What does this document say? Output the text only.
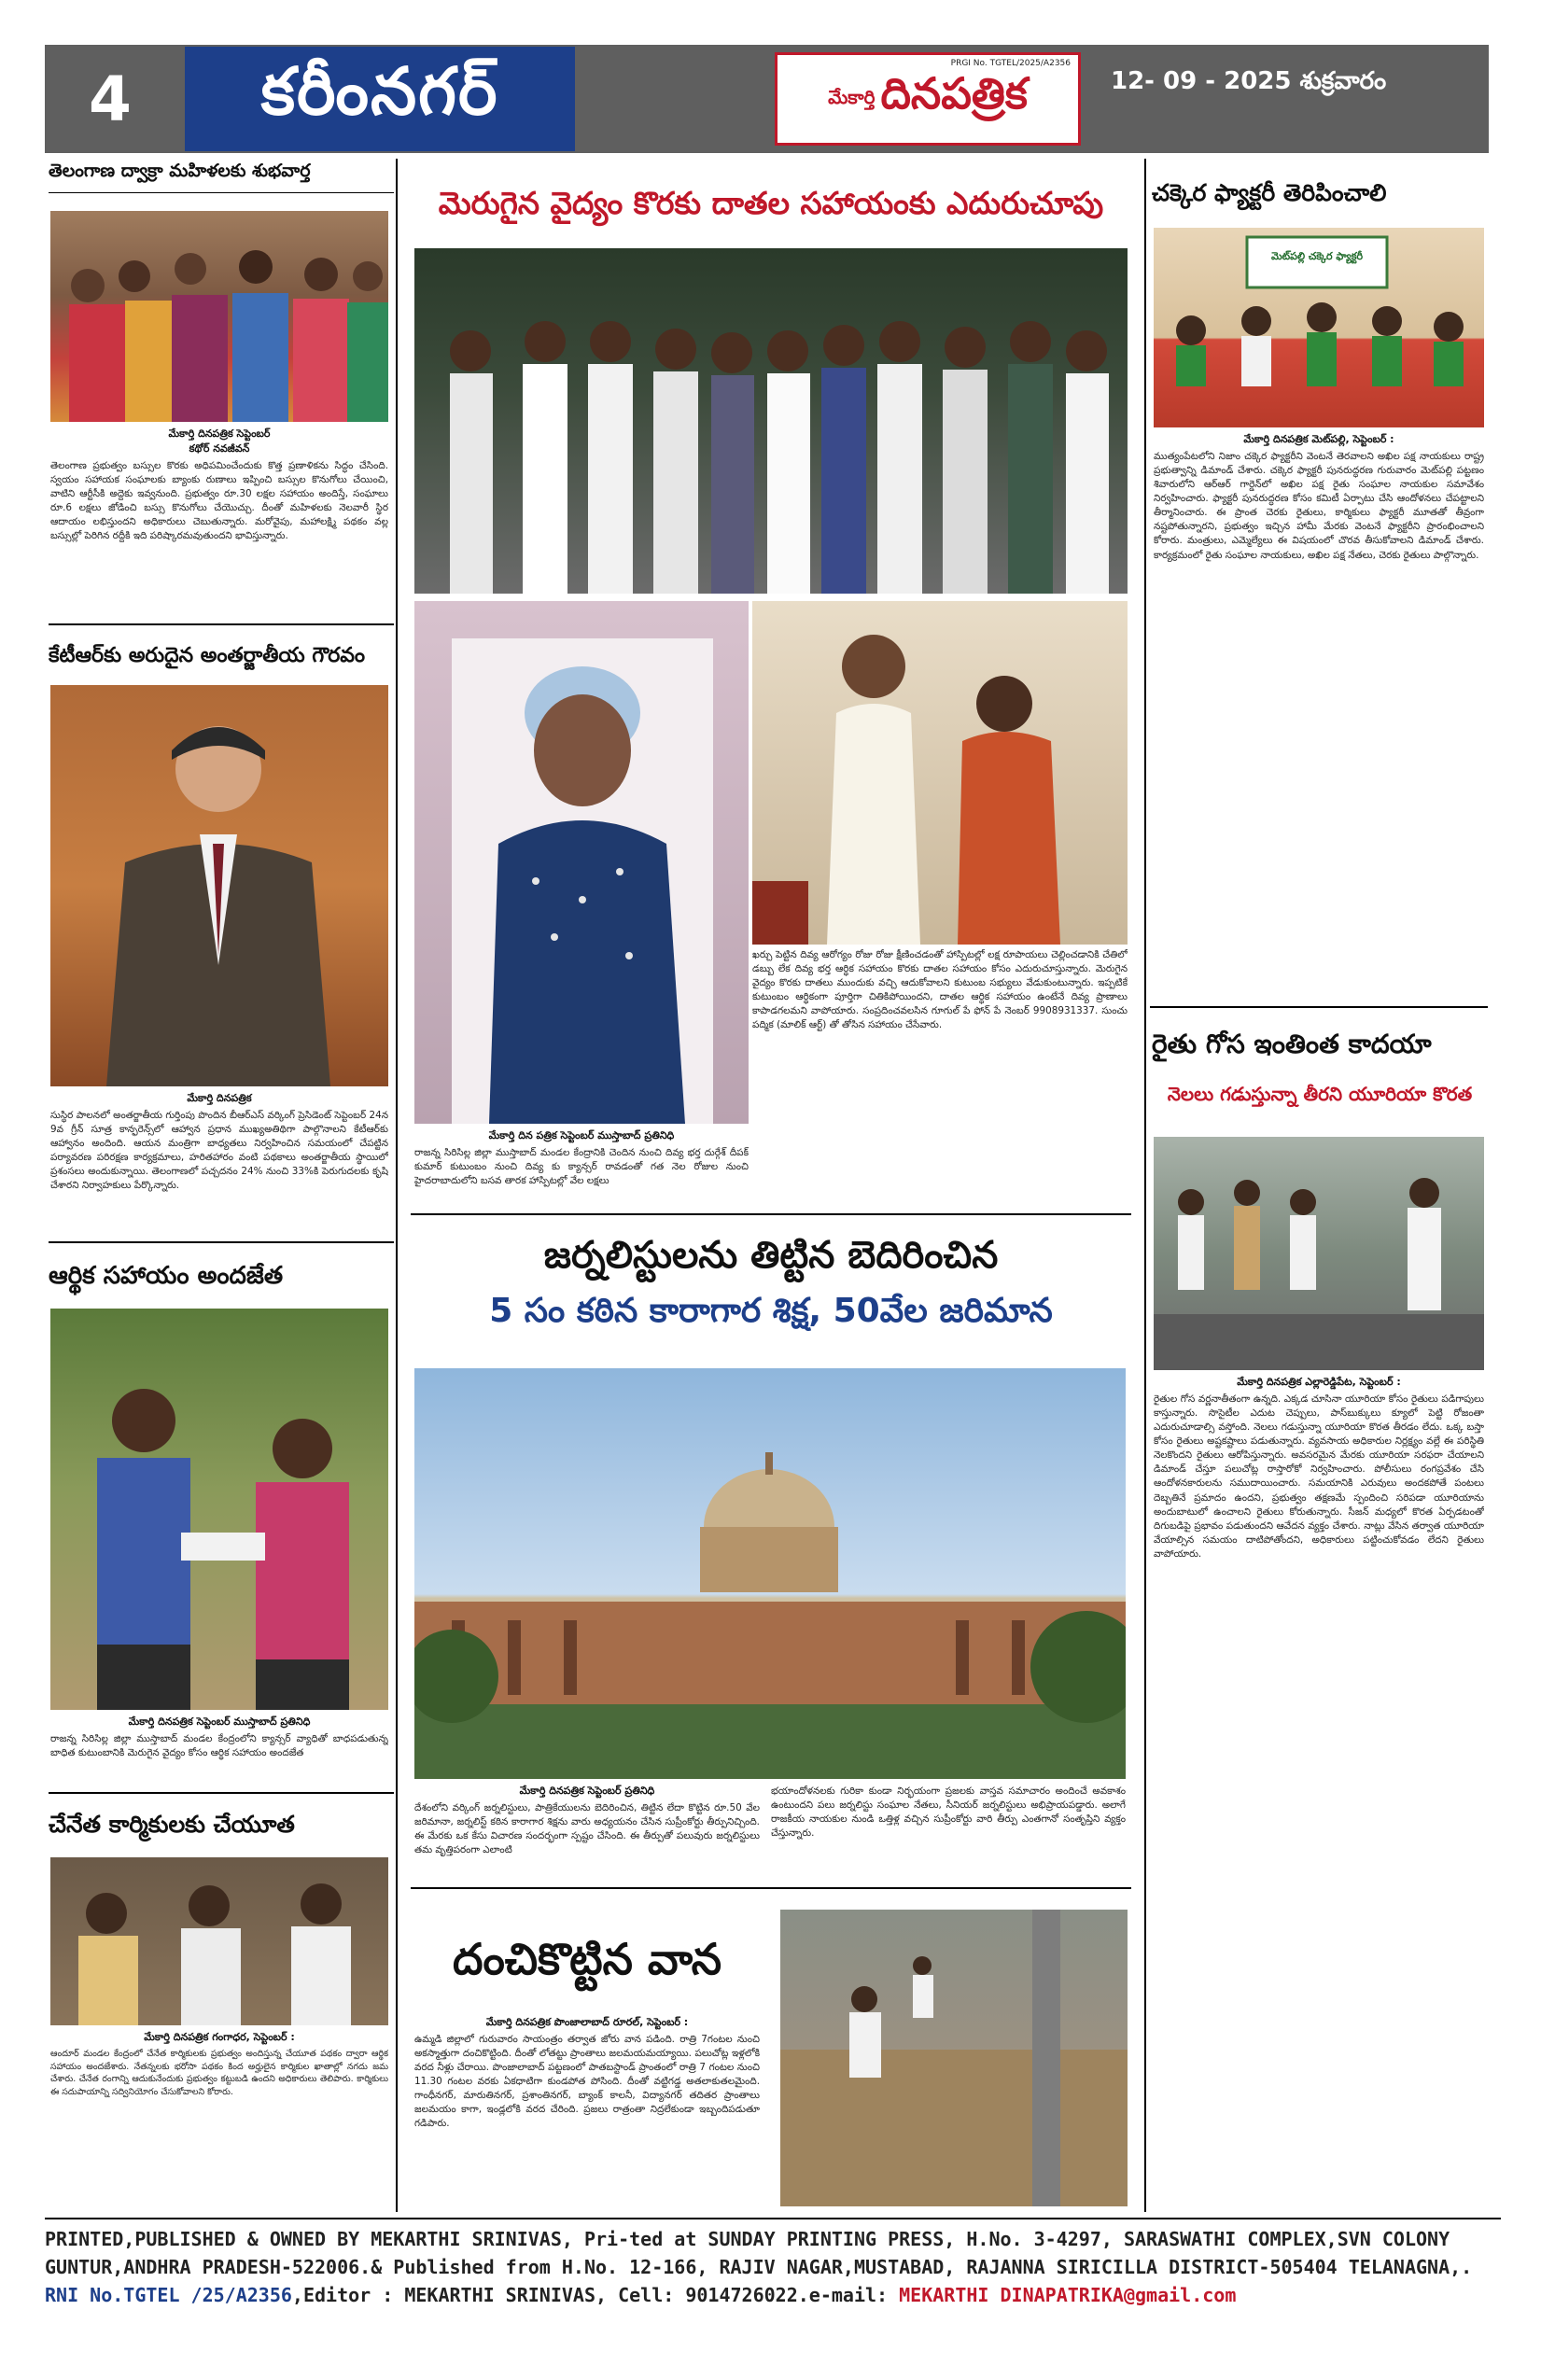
4	కరీంనగర్	మేకార్తి దినపత్రిక
PRGI No. TGTEL/2025/A2356
12- 09 - 2025 శుక్రవారం
తెలంగాణ ద్వాక్రా మహిళలకు శుభవార్త
మేకార్తి దినపత్రిక సెప్టెంబర్
కథోర్ నవజీవన్
తెలంగాణ ప్రభుత్వం బస్సుల కొరకు అధిపమించేందుకు కొత్త ప్రణాళికను సిద్ధం చేసింది. స్వయం సహాయక సంఘాలకు బ్యాంకు రుణాలు ఇప్పించి బస్సుల కొనుగోలు చేయించి, వాటిని ఆర్టీసీకి అద్దెకు ఇవ్వనుంది. ప్రభుత్వం రూ.30 లక్షల సహాయం అందిస్తే, సంఘాలు రూ.6 లక్షలు జోడించి బస్సు కొనుగోలు చేయొచ్చు. దీంతో మహిళలకు నెలవారీ స్థిర ఆదాయం లభిస్తుందని అధికారులు చెబుతున్నారు. మరోవైపు, మహాలక్ష్మి పథకం వల్ల బస్సుల్లో పెరిగిన రద్దీకి ఇది పరిష్కారమవుతుందని భావిస్తున్నారు.
కేటీఆర్‌కు అరుదైన అంతర్జాతీయ గౌరవం
మేకార్తి దినపత్రిక
సుస్థిర పాలనలో అంతర్జాతీయ గుర్తింపు పొందిన బీఆర్ఎస్ వర్కింగ్ ప్రెసిడెంట్ సెప్టెంబర్ 24న 9వ గ్రీన్ సూత్ర కాన్ఫరెన్స్‌లో ఆహ్వాన ప్రధాన ముఖ్యఅతిథిగా పాల్గొనాలని కేటీఆర్‌కు ఆహ్వానం అందింది. ఆయన మంత్రిగా బాధ్యతలు నిర్వహించిన సమయంలో చేపట్టిన పర్యావరణ పరిరక్షణ కార్యక్రమాలు, హరితహారం వంటి పథకాలు అంతర్జాతీయ స్థాయిలో ప్రశంసలు అందుకున్నాయి. తెలంగాణలో పచ్చదనం 24% నుంచి 33%కి పెరుగుదలకు కృషి చేశారని నిర్వాహకులు పేర్కొన్నారు.
ఆర్థిక సహాయం అందజేత
మేకార్తి దినపత్రిక సెప్టెంబర్ ముస్తాబాద్ ప్రతినిధి
రాజన్న సిరిసిల్ల జిల్లా ముస్తాబాద్ మండల కేంద్రంలోని క్యాన్సర్ వ్యాధితో బాధపడుతున్న బాధిత కుటుంబానికి మెరుగైన వైద్యం కోసం ఆర్థిక సహాయం అందజేత
చేనేత కార్మికులకు చేయూత
మేకార్తి దినపత్రిక గంగాధర, సెప్టెంబర్ :
ఆందూర్ మండల కేంద్రంలో చేనేత కార్మికులకు ప్రభుత్వం అందిస్తున్న చేయూత పథకం ద్వారా ఆర్థిక సహాయం అందజేశారు. నేతన్నలకు భరోసా పథకం కింద అర్హులైన కార్మికుల ఖాతాల్లో నగదు జమ చేశారు. చేనేత రంగాన్ని ఆదుకునేందుకు ప్రభుత్వం కట్టుబడి ఉందని అధికారులు తెలిపారు. కార్మికులు ఈ సదుపాయాన్ని సద్వినియోగం చేసుకోవాలని కోరారు.
మెరుగైన వైద్యం కొరకు దాతల సహాయంకు ఎదురుచూపు
ఖర్చు పెట్టిన దివ్య ఆరోగ్యం రోజు రోజు క్షీణించడంతో హాస్పిటల్లో లక్ష రూపాయలు చెల్లించడానికి చేతిలో డబ్బు లేక దివ్య భర్త ఆర్థిక సహాయం కొరకు దాతల సహాయం కోసం ఎదురుచూస్తున్నారు. మెరుగైన వైద్యం కొరకు దాతలు ముందుకు వచ్చి ఆదుకోవాలని కుటుంబ సభ్యులు వేడుకుంటున్నారు. ఇప్పటికే కుటుంబం ఆర్థికంగా పూర్తిగా చితికిపోయిందని, దాతల ఆర్థిక సహాయం ఉంటేనే దివ్య ప్రాణాలు కాపాడగలమని వాపోయారు. సంప్రదించవలసిన గూగుల్ పే ఫోన్ పే నెంబర్ 9908931337. సుంచు పద్మిక (మాలిక్ ఆర్ట్) తో తోసిన సహాయం చేసేవారు.
మేకార్తి దిన పత్రిక సెప్టెంబర్ ముస్తాబాద్ ప్రతినిధి
రాజన్న సిరిసిల్ల జిల్లా ముస్తాబాద్ మండల కేంద్రానికి చెందిన నుంచి దివ్య భర్త దుర్గేశ్ దీపక్ కుమార్ కుటుంబం నుంచి దివ్య కు క్యాన్సర్ రావడంతో గత నెల రోజుల నుంచి హైదరాబాదులోని బసవ తారక హాస్పిటల్లో వేల లక్షలు
జర్నలిస్టులను తిట్టిన బెదిరించిన
5 సం కఠిన కారాగార శిక్ష, 50వేల జరిమాన
మేకార్తి దినపత్రిక సెప్టెంబర్ ప్రతినిధి
దేశంలోని వర్కింగ్ జర్నలిస్టులు, పాత్రికేయులను బెదిరించిన, తిట్టిన లేదా కొట్టిన రూ.50 వేల జరిమానా, జర్నలిస్ట్ కఠిన కారాగార శిక్షను వారు అధ్యయనం చేసిన సుప్రీంకోర్టు తీర్పునిచ్చింది. ఈ మేరకు ఒక కేసు విచారణ సందర్భంగా స్పష్టం చేసింది. ఈ తీర్పుతో పలువురు జర్నలిస్టులు తమ వృత్తిపరంగా ఎలాంటి
భయాందోళనలకు గురికా కుండా నిర్భయంగా ప్రజలకు వాస్తవ సమాచారం అందించే అవకాశం ఉంటుందని పలు జర్నలిస్టు సంఘాల నేతలు, సీనియర్ జర్నలిస్టులు అభిప్రాయపడ్డారు. అలాగే రాజకీయ నాయకుల నుండి ఒత్తిళ్ల వచ్చిన సుప్రీంకోర్టు వారి తీర్పు ఎంతగానో సంతృప్తిని వ్యక్తం చేస్తున్నారు.
దంచికొట్టిన వాన
మేకార్తి దినపత్రిక పొంజాలాబాద్ రూరల్, సెప్టెంబర్ :
ఉమ్మడి జిల్లాలో గురువారం సాయంత్రం తర్వాత జోరు వాన పడింది. రాత్రి 7గంటల నుంచి అకస్మాత్తుగా దంచికొట్టింది. దీంతో లోతట్టు ప్రాంతాలు జలమయమయ్యాయి. పలుచోట్ల ఇళ్లలోకి వరద నీళ్లు చేరాయి. పొంజాలాబాద్ పట్టణంలో పాతబస్టాండ్ ప్రాంతంలో రాత్రి 7 గంటల నుంచి 11.30 గంటల వరకు ఏకధాటిగా కుండపోత పోసింది. దీంతో వట్టిగడ్డ అతలాకుతలమైంది. గాంధీనగర్, మారుతినగర్, ప్రశాంతినగర్, బ్యాంక్ కాలనీ, విద్యానగర్ తదితర ప్రాంతాలు జలమయం కాగా, ఇండ్లలోకి వరద చేరింది. ప్రజలు రాత్రంతా నిద్రలేకుండా ఇబ్బందిపడుతూ గడిపారు.
చక్కెర ఫ్యాక్టరీ తెరిపించాలి
మెట్‌పల్లి చక్కెర ఫ్యాక్టరీ
మేకార్తి దినపత్రిక మెట్‌పల్లి, సెప్టెంబర్ :
ముత్యంపేటలోని నిజాం చక్కెర ఫ్యాక్టరీని వెంటనే తెరవాలని అఖిల పక్ష నాయకులు రాష్ట్ర ప్రభుత్వాన్ని డిమాండ్ చేశారు. చక్కెర ఫ్యాక్టరీ పునరుద్ధరణ గురువారం మెట్‌పల్లి పట్టణం శివారులోని ఆర్ఆర్ గార్డెన్‌లో అఖిల పక్ష రైతు సంఘాల నాయకుల సమావేశం నిర్వహించారు. ఫ్యాక్టరీ పునరుద్ధరణ కోసం కమిటీ ఏర్పాటు చేసి ఆందోళనలు చేపట్టాలని తీర్మానించారు. ఈ ప్రాంత చెరకు రైతులు, కార్మికులు ఫ్యాక్టరీ మూతతో తీవ్రంగా నష్టపోతున్నారని, ప్రభుత్వం ఇచ్చిన హామీ మేరకు వెంటనే ఫ్యాక్టరీని ప్రారంభించాలని కోరారు. మంత్రులు, ఎమ్మెల్యేలు ఈ విషయంలో చొరవ తీసుకోవాలని డిమాండ్ చేశారు. కార్యక్రమంలో రైతు సంఘాల నాయకులు, అఖిల పక్ష నేతలు, చెరకు రైతులు పాల్గొన్నారు.
రైతు గోస ఇంతింత కాదయా
నెలలు గడుస్తున్నా తీరని యూరియా కొరత
మేకార్తి దినపత్రిక ఎల్లారెడ్డిపేట, సెప్టెంబర్ :
రైతుల గోస వర్ణనాతీతంగా ఉన్నది. ఎక్కడ చూసినా యూరియా కోసం రైతులు పడిగాపులు కాస్తున్నారు. సొసైటీల ఎదుట చెప్పులు, పాస్‌బుక్కులు క్యూలో పెట్టి రోజంతా ఎదురుచూడాల్సి వస్తోంది. నెలలు గడుస్తున్నా యూరియా కొరత తీరడం లేదు. ఒక్క బస్తా కోసం రైతులు అష్టకష్టాలు పడుతున్నారు. వ్యవసాయ అధికారుల నిర్లక్ష్యం వల్లే ఈ పరిస్థితి నెలకొందని రైతులు ఆరోపిస్తున్నారు. అవసరమైన మేరకు యూరియా సరఫరా చేయాలని డిమాండ్ చేస్తూ పలుచోట్ల రాస్తారోకో నిర్వహించారు. పోలీసులు రంగప్రవేశం చేసి ఆందోళనకారులను సముదాయించారు. సమయానికి ఎరువులు అందకపోతే పంటలు దెబ్బతినే ప్రమాదం ఉందని, ప్రభుత్వం తక్షణమే స్పందించి సరిపడా యూరియాను అందుబాటులో ఉంచాలని రైతులు కోరుతున్నారు. సీజన్ మధ్యలో కొరత ఏర్పడటంతో దిగుబడిపై ప్రభావం పడుతుందని ఆవేదన వ్యక్తం చేశారు. నాట్లు వేసిన తర్వాత యూరియా వేయాల్సిన సమయం దాటిపోతోందని, అధికారులు పట్టించుకోవడం లేదని రైతులు వాపోయారు.
PRINTED,PUBLISHED & OWNED BY MEKARTHI SRINIVAS, Pri-ted at SUNDAY PRINTING PRESS, H.No. 3-4297, SARASWATHI COMPLEX,SVN COLONY
GUNTUR,ANDHRA PRADESH-522006.& Published from H.No. 12-166, RAJIV NAGAR,MUSTABAD, RAJANNA SIRICILLA DISTRICT-505404 TELANAGNA,.
RNI No.TGTEL /25/A2356,Editor : MEKARTHI SRINIVAS, Cell: 9014726022.e-mail: MEKARTHI DINAPATRIKA@gmail.com
